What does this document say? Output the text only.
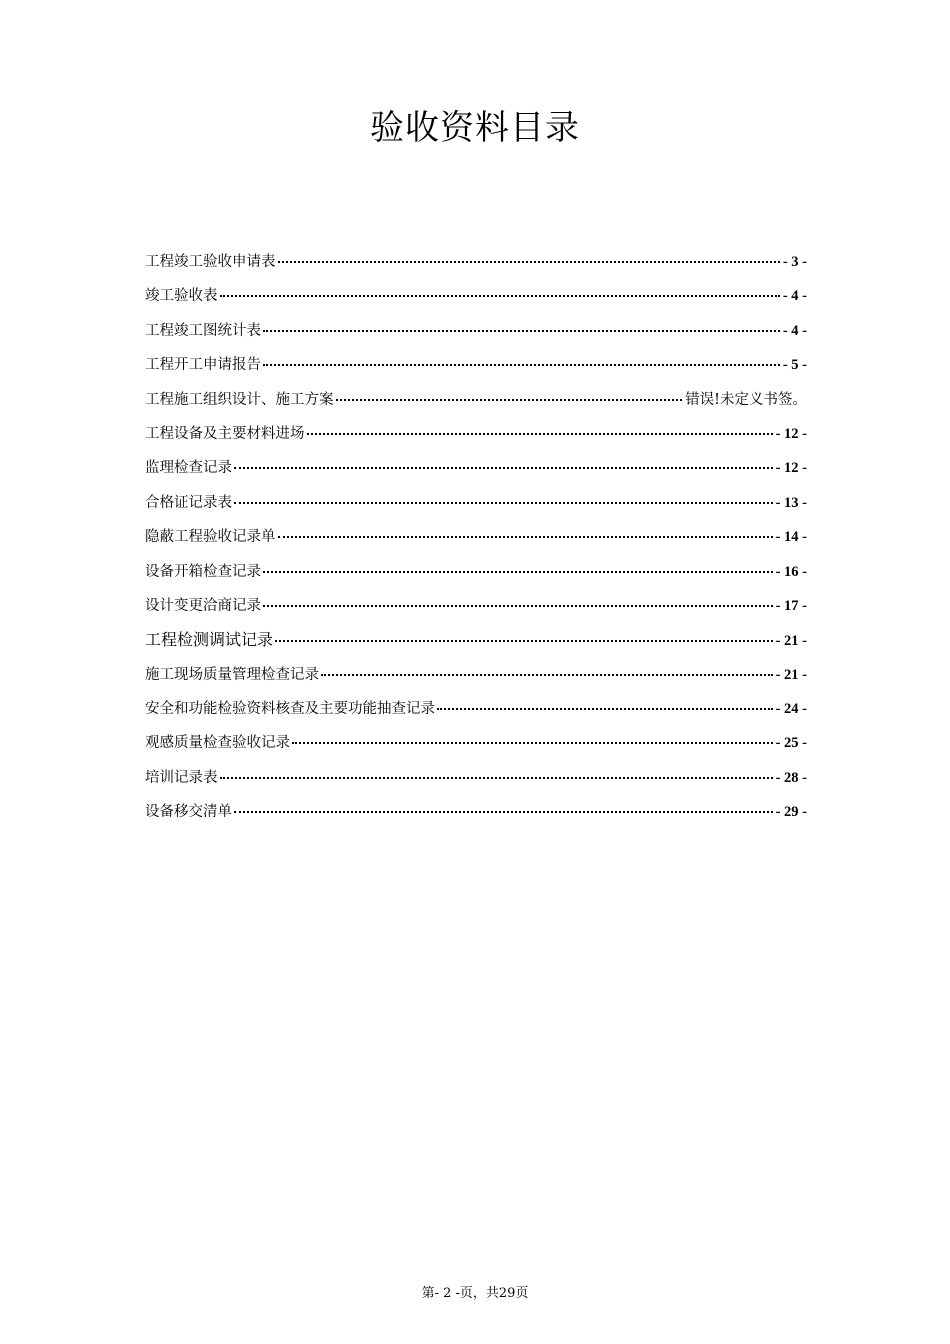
验收资料目录
工程竣工验收申请表	- 3 -
竣工验收表	- 4 -
工程竣工图统计表	- 4 -
工程开工申请报告	- 5 -
工程施工组织设计、施工方案	错误!未定义书签。
工程设备及主要材料进场	- 12 -
监理检查记录	- 12 -
合格证记录表	- 13 -
隐蔽工程验收记录单	- 14 -
设备开箱检查记录	- 16 -
设计变更洽商记录	- 17 -
工程检测调试记录	- 21 -
施工现场质量管理检查记录	- 21 -
安全和功能检验资料核查及主要功能抽查记录	- 24 -
观感质量检查验收记录	- 25 -
培训记录表	- 28 -
设备移交清单	- 29 -
第- 2 -页，共29页
